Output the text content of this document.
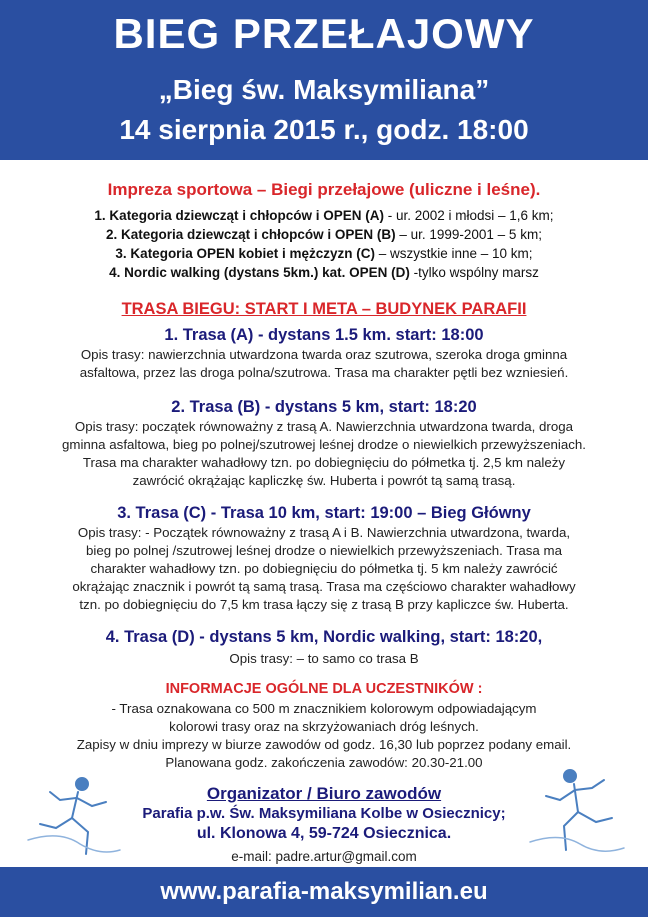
BIEG PRZEŁAJOWY
„Bieg św. Maksymiliana”
14 sierpnia 2015 r., godz. 18:00
Impreza sportowa – Biegi przełajowe (uliczne i leśne).
1. Kategoria dziewcząt i chłopców i OPEN (A) - ur. 2002 i młodsi – 1,6 km;
2. Kategoria dziewcząt i chłopców i OPEN (B) – ur. 1999-2001 – 5 km;
3. Kategoria OPEN kobiet i mężczyzn (C) – wszystkie inne – 10 km;
4. Nordic walking (dystans 5km.) kat. OPEN (D) -tylko wspólny marsz
TRASA BIEGU: START I META – BUDYNEK PARAFII
1. Trasa (A) - dystans 1.5 km. start: 18:00
Opis trasy: nawierzchnia utwardzona twarda oraz szutrowa, szeroka droga gminna
asfaltowa, przez las droga polna/szutrowa. Trasa ma charakter pętli bez wzniesień.
2. Trasa (B) - dystans 5 km, start: 18:20
Opis trasy: początek równoważny z trasą A. Nawierzchnia utwardzona twarda, droga
gminna asfaltowa, bieg po polnej/szutrowej leśnej drodze o niewielkich przewyższeniach.
Trasa ma charakter wahadłowy tzn. po dobiegnięciu do półmetka tj. 2,5 km należy
zawrócić okrążając kapliczkę św. Huberta i powrót tą samą trasą.
3. Trasa (C) - Trasa 10 km, start: 19:00 – Bieg Główny
Opis trasy: - Początek równoważny z trasą A i B. Nawierzchnia utwardzona, twarda,
bieg po polnej /szutrowej leśnej drodze o niewielkich przewyższeniach. Trasa ma
charakter wahadłowy tzn. po dobiegnięciu do półmetka tj. 5 km należy zawrócić
okrążając znacznik i powrót tą samą trasą. Trasa ma częściowo charakter wahadłowy
tzn. po dobiegnięciu do 7,5 km trasa łączy się z trasą B przy kapliczce św. Huberta.
4. Trasa (D) - dystans 5 km, Nordic walking, start: 18:20,
Opis trasy: – to samo co trasa B
INFORMACJE OGÓLNE DLA UCZESTNIKÓW :
- Trasa oznakowana co 500 m znacznikiem kolorowym odpowiadającym
kolorowi trasy oraz na skrzyżowaniach dróg leśnych.
Zapisy w dniu imprezy w biurze zawodów od godz. 16,30 lub poprzez podany email.
Planowana godz. zakończenia zawodów: 20.30-21.00
Organizator / Biuro zawodów
Parafia p.w. Św. Maksymiliana Kolbe w Osiecznicy;
ul. Klonowa 4, 59-724 Osiecznica.
e-mail: padre.artur@gmail.com
www.parafia-maksymilian.eu
